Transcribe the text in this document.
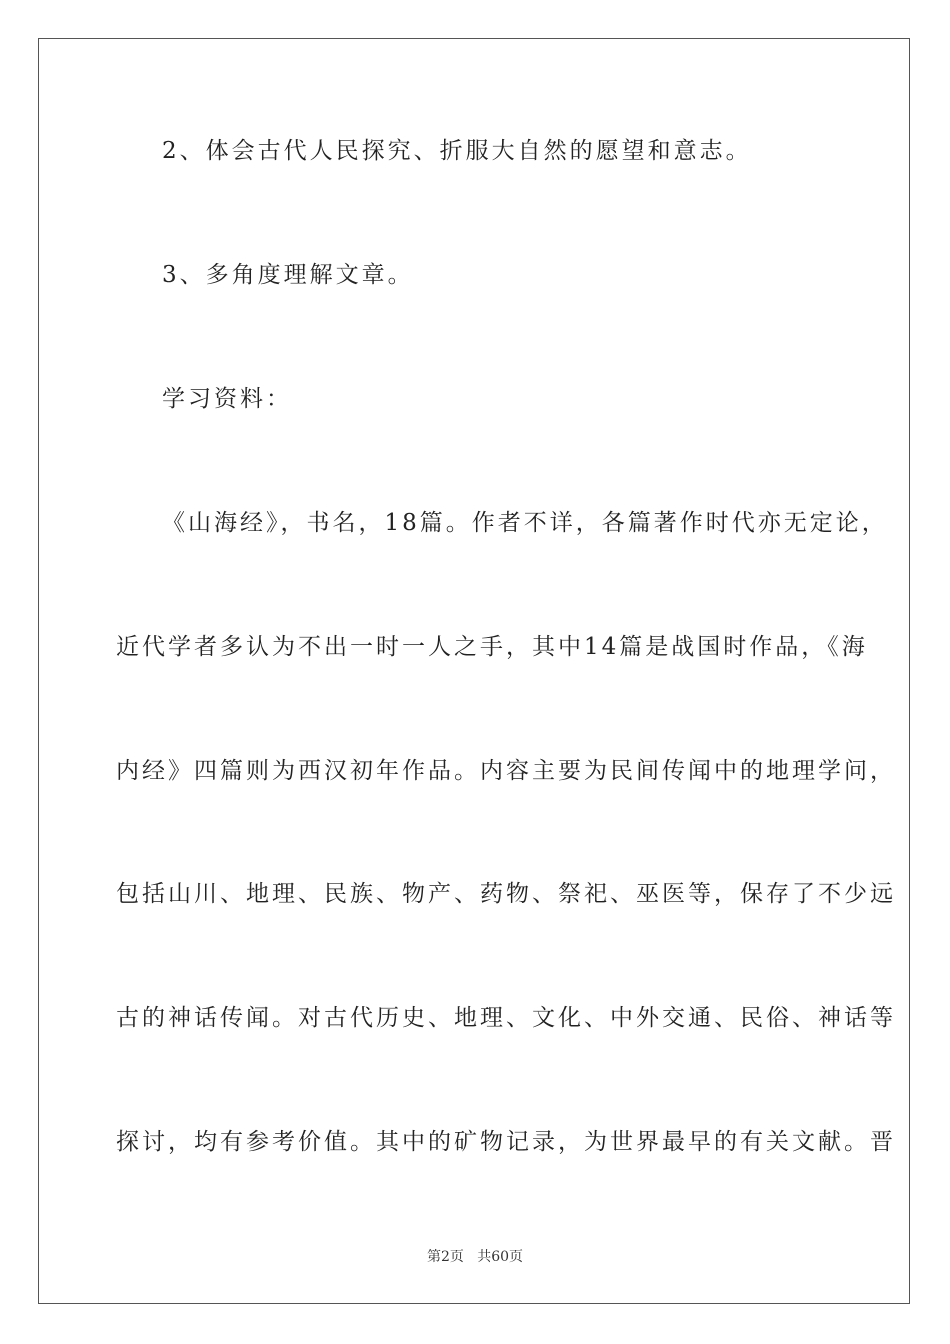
2、体会古代人民探究、折服大自然的愿望和意志。
3、多角度理解文章。
学习资料：
《山海经》，书名，18篇。作者不详，各篇著作时代亦无定论，
近代学者多认为不出一时一人之手，其中14篇是战国时作品，《海
内经》四篇则为西汉初年作品。内容主要为民间传闻中的地理学问，
包括山川、地理、民族、物产、药物、祭祀、巫医等，保存了不少远
古的神话传闻。对古代历史、地理、文化、中外交通、民俗、神话等
探讨，均有参考价值。其中的矿物记录，为世界最早的有关文献。晋
第2页   共60页
